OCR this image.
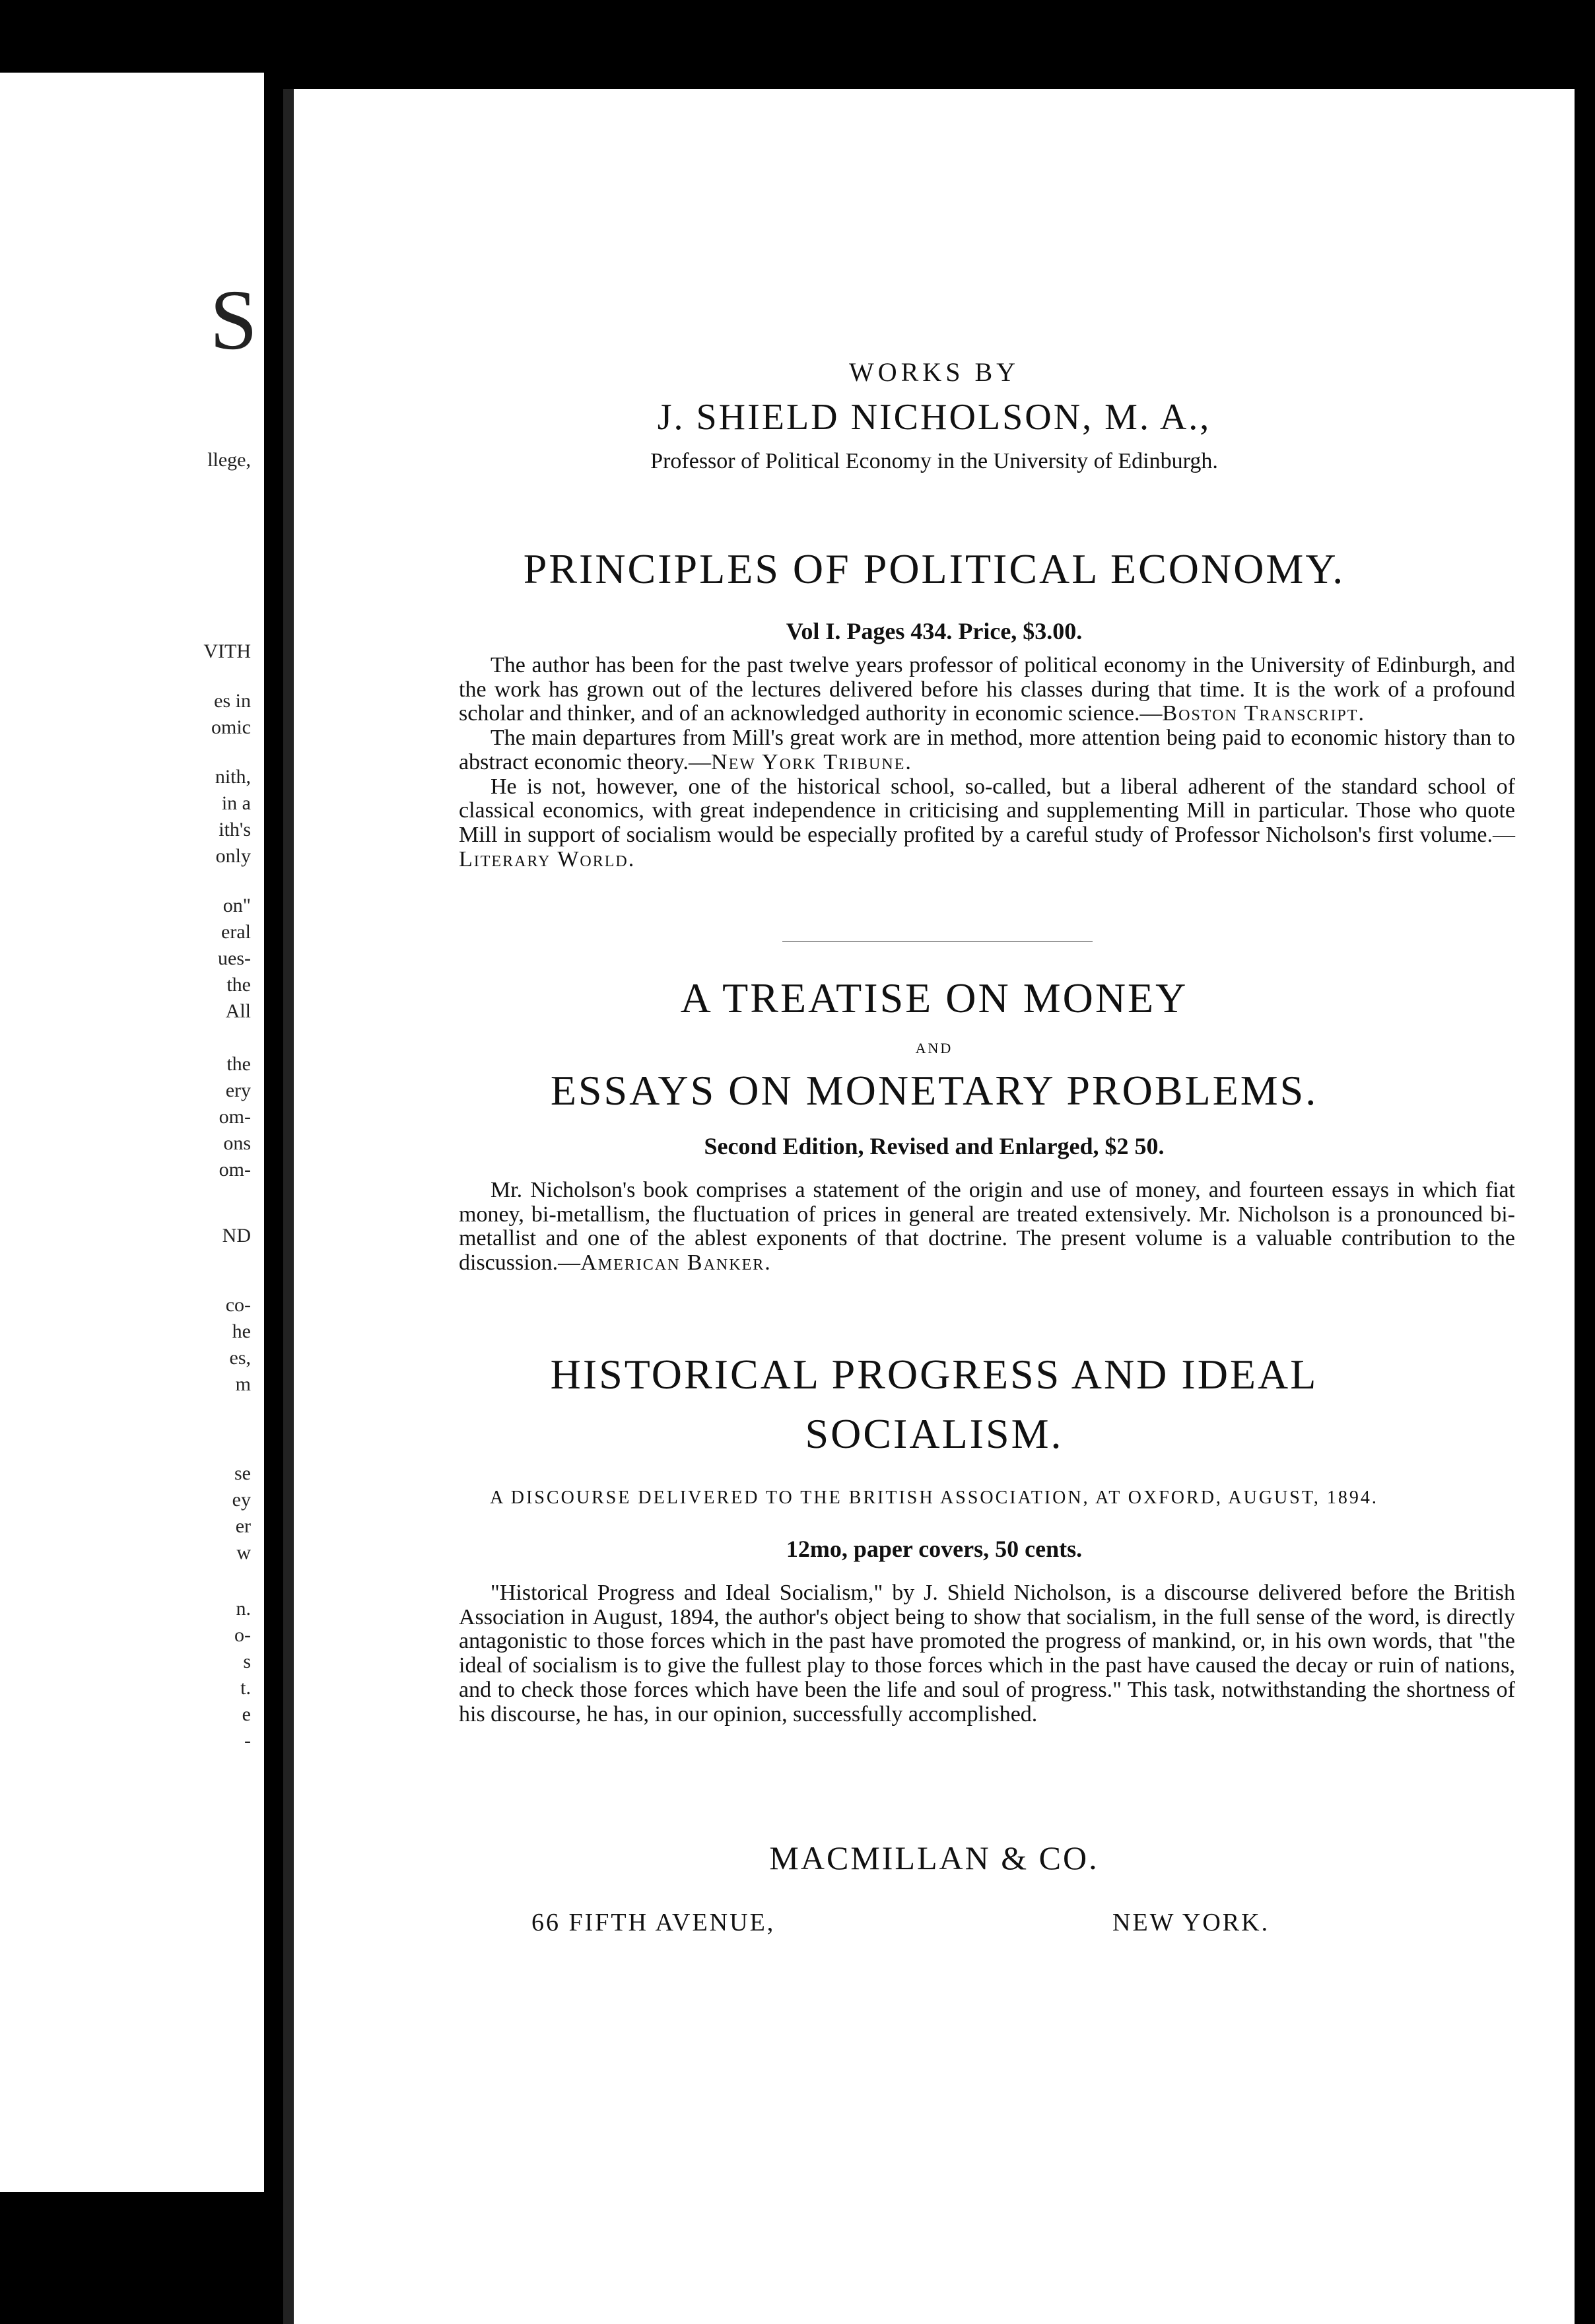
S
llege,
VITH
es in
omic
nith,
in a
ith's
only
on"
eral
ues-
the
All
the
ery
om-
ons
om-
ND
co-
he
es,
m
se
ey
er
w
n.
o-
s
t.
e
-
WORKS BY
J. SHIELD NICHOLSON, M. A.,
Professor of Political Economy in the University of Edinburgh.
PRINCIPLES OF POLITICAL ECONOMY.
Vol I. Pages 434. Price, $3.00.

The author has been for the past twelve years professor of political economy in the University of Edinburgh, and the work has grown out of the lectures delivered before his classes during that time. It is the work of a profound scholar and thinker, and of an acknowledged authority in economic science.—Boston Transcript.

The main departures from Mill's great work are in method, more attention being paid to economic history than to abstract economic theory.—New York Tribune.

He is not, however, one of the historical school, so-called, but a liberal adherent of the standard school of classical economics, with great independence in criticising and supplementing Mill in particular. Those who quote Mill in support of socialism would be especially profited by a careful study of Professor Nicholson's first volume.—Literary World.

A TREATISE ON MONEY
AND
ESSAYS ON MONETARY PROBLEMS.
Second Edition, Revised and Enlarged, $2 50.

Mr. Nicholson's book comprises a statement of the origin and use of money, and fourteen essays in which fiat money, bi-metallism, the fluctuation of prices in general are treated extensively. Mr. Nicholson is a pronounced bi-metallist and one of the ablest exponents of that doctrine. The present volume is a valuable contribution to the discussion.—American Banker.

HISTORICAL PROGRESS AND IDEAL
SOCIALISM.
A DISCOURSE DELIVERED TO THE BRITISH ASSOCIATION, AT OXFORD, AUGUST, 1894.
12mo, paper covers, 50 cents.

"Historical Progress and Ideal Socialism," by J. Shield Nicholson, is a discourse delivered before the British Association in August, 1894, the author's object being to show that socialism, in the full sense of the word, is directly antagonistic to those forces which in the past have promoted the progress of mankind, or, in his own words, that "the ideal of socialism is to give the fullest play to those forces which in the past have caused the decay or ruin of nations, and to check those forces which have been the life and soul of progress." This task, notwithstanding the shortness of his discourse, he has, in our opinion, successfully accomplished.

MACMILLAN & CO.
66 FIFTH AVENUE,	NEW YORK.
